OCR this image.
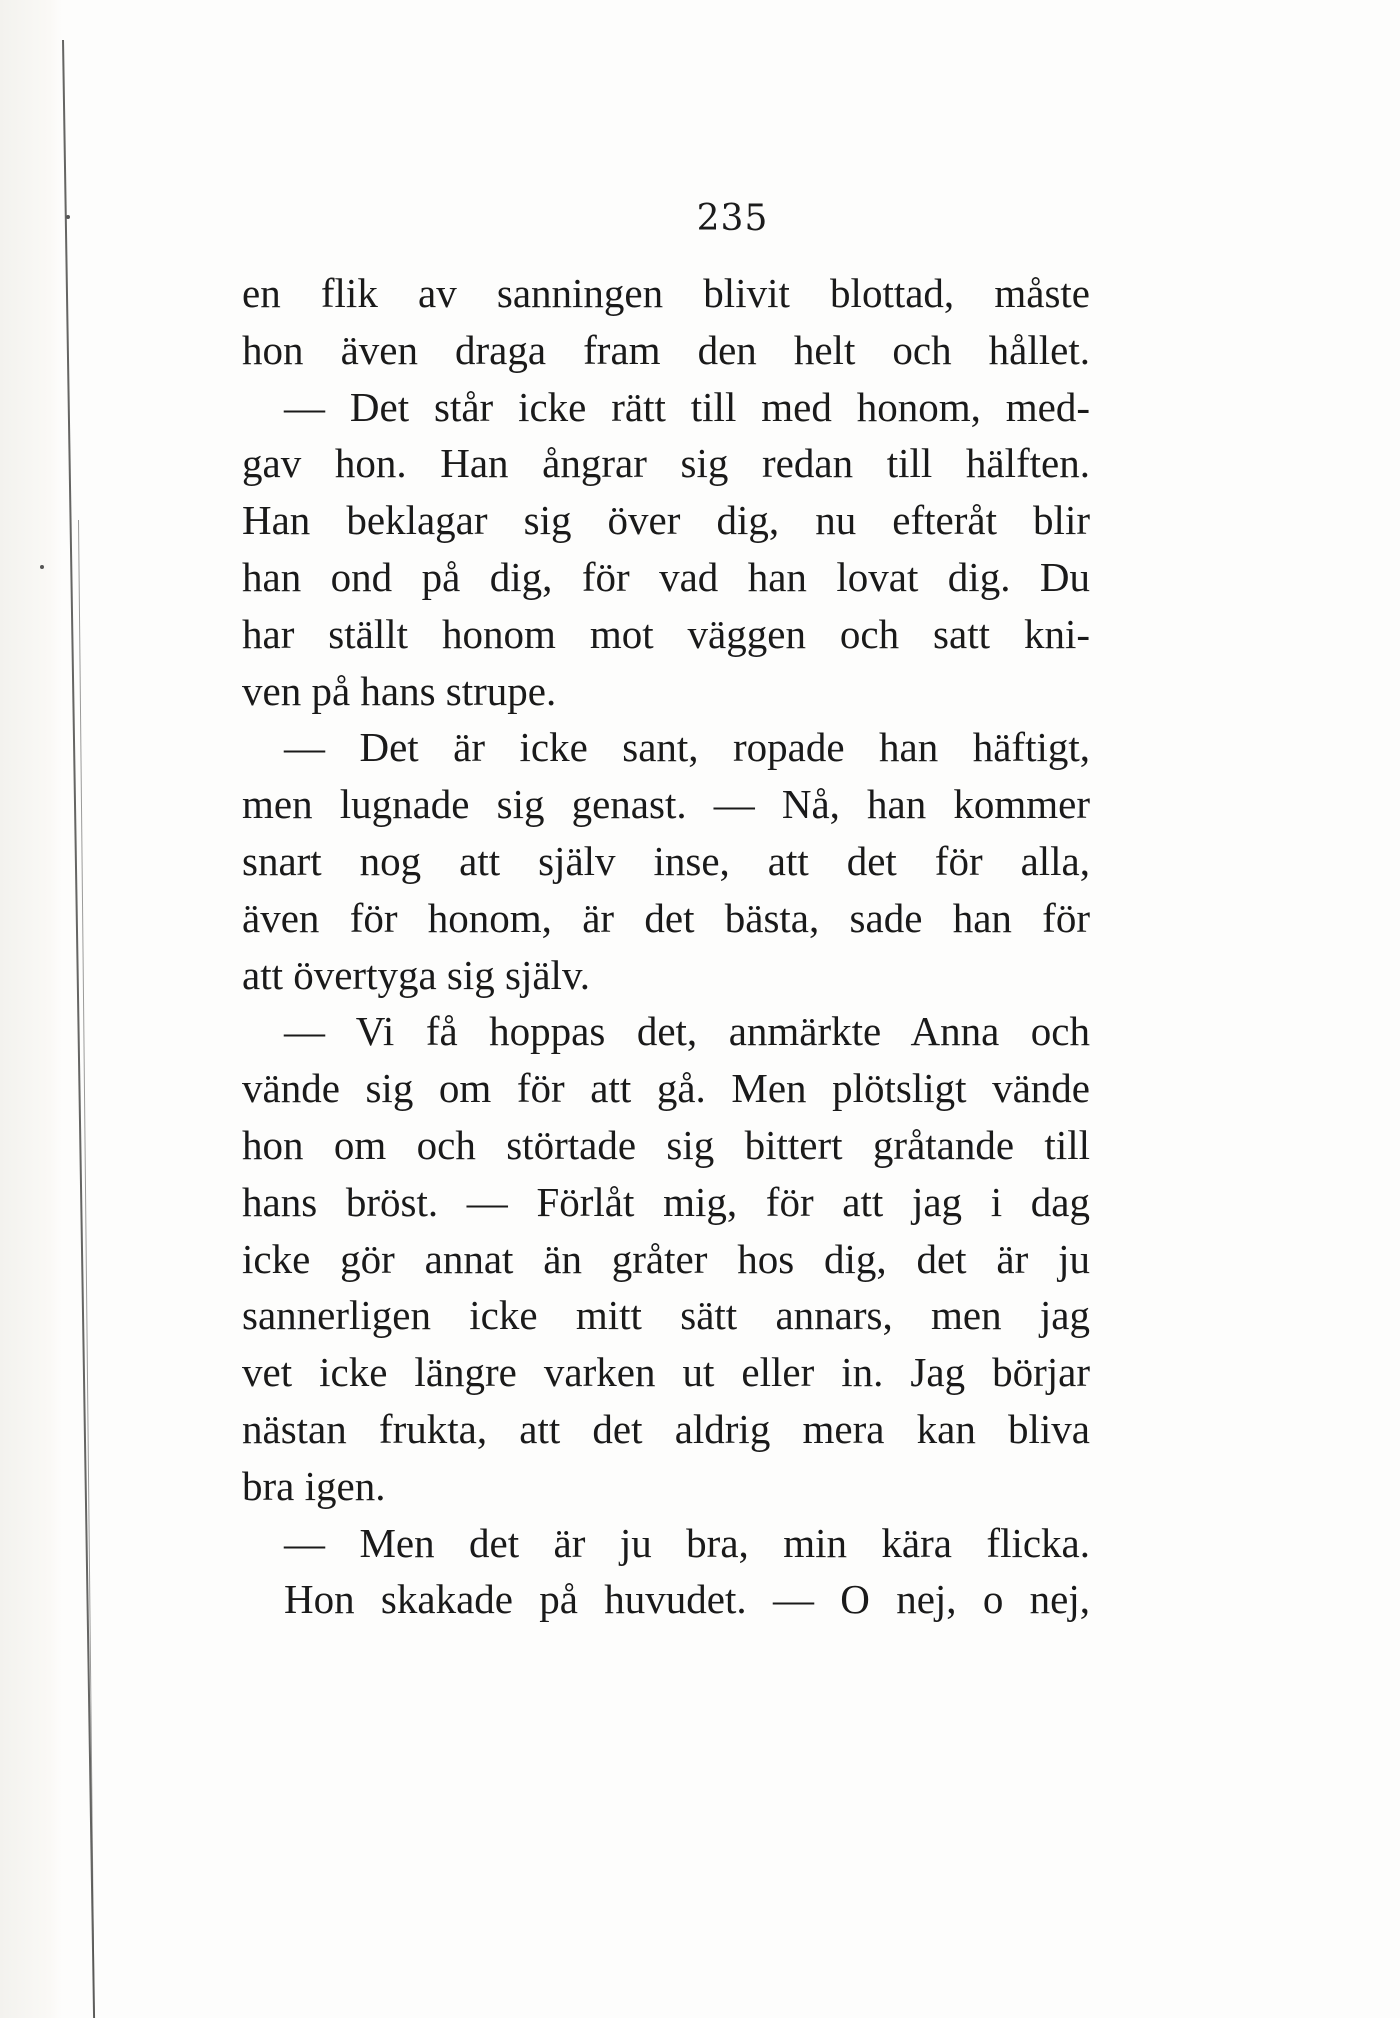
235
en flik av sanningen blivit blottad, måste
hon även draga fram den helt och hållet.
— Det står icke rätt till med honom, med-
gav hon. Han ångrar sig redan till hälften.
Han beklagar sig över dig, nu efteråt blir
han ond på dig, för vad han lovat dig. Du
har ställt honom mot väggen och satt kni-
ven på hans strupe.
— Det är icke sant, ropade han häftigt,
men lugnade sig genast. — Nå, han kommer
snart nog att själv inse, att det för alla,
även för honom, är det bästa, sade han för
att övertyga sig själv.
— Vi få hoppas det, anmärkte Anna och
vände sig om för att gå. Men plötsligt vände
hon om och störtade sig bittert gråtande till
hans bröst. — Förlåt mig, för att jag i dag
icke gör annat än gråter hos dig, det är ju
sannerligen icke mitt sätt annars, men jag
vet icke längre varken ut eller in. Jag börjar
nästan frukta, att det aldrig mera kan bliva
bra igen.
— Men det är ju bra, min kära flicka.
Hon skakade på huvudet. — O nej, o nej,
